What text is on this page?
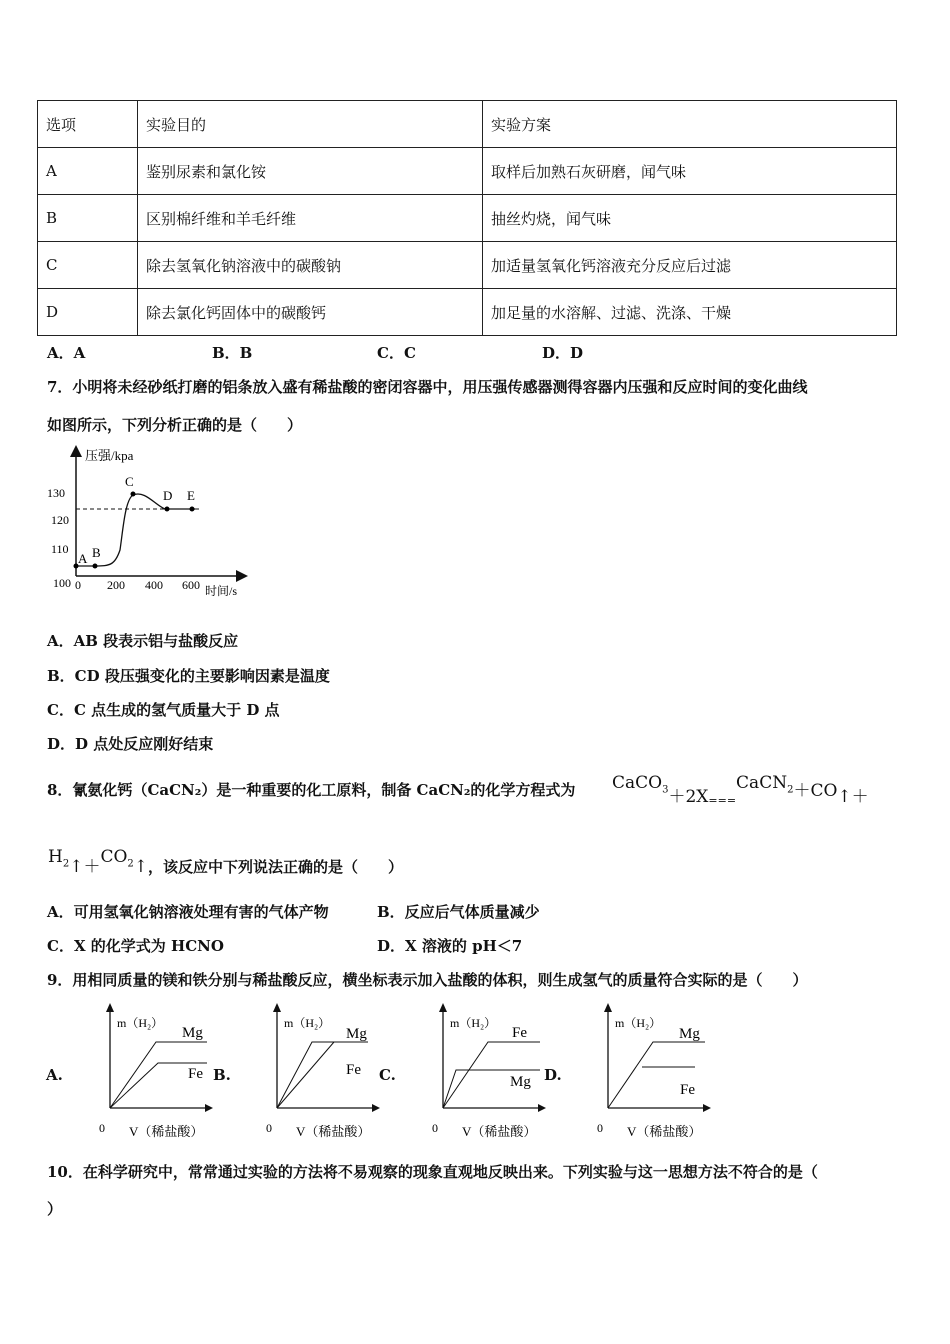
选项	实验目的	实验方案
A	鉴别尿素和氯化铵	取样后加熟石灰研磨，闻气味
B	区别棉纤维和羊毛纤维	抽丝灼烧，闻气味
C	除去氢氧化钠溶液中的碳酸钠	加适量氢氧化钙溶液充分反应后过滤
D	除去氯化钙固体中的碳酸钙	加足量的水溶解、过滤、洗涤、干燥
A．A	B．B	C．C	D．D
7．小明将未经砂纸打磨的铝条放入盛有稀盐酸的密闭容器中，用压强传感器测得容器内压强和反应时间的变化曲线
如图所示，下列分析正确的是（　　）
压强/kpa
130
120
110
100 0 200 400 600 时间/s
A B
C
D E
A．AB 段表示铝与盐酸反应
B．CD 段压强变化的主要影响因素是温度
C．C 点生成的氢气质量大于 D 点
D．D 点处反应刚好结束
8．氰氨化钙（CaCN₂）是一种重要的化工原料，制备 CaCN₂的化学方程式为 $CaCO_3+2X_{===}CaCN_2+CO↑+$
$H_2↑+CO_2↑$，该反应中下列说法正确的是（　　）
A．可用氢氧化钠溶液处理有害的气体产物	B．反应后气体质量减少
C．X 的化学式为 HCNO	D．X 溶液的 pH＜7
9．用相同质量的镁和铁分别与稀盐酸反应，横坐标表示加入盐酸的体积，则生成氢气的质量符合实际的是（　　）
A.
m（H₂）
V（稀盐酸）
0
Mg
Fe B.
m（H₂）
V（稀盐酸）
0
Mg
Fe C.
m（H₂）
V（稀盐酸）
0
Fe
Mg D.
m（H₂）
V（稀盐酸）
0
Mg
Fe
10．在科学研究中，常常通过实验的方法将不易观察的现象直观地反映出来。下列实验与这一思想方法不符合的是（
）
